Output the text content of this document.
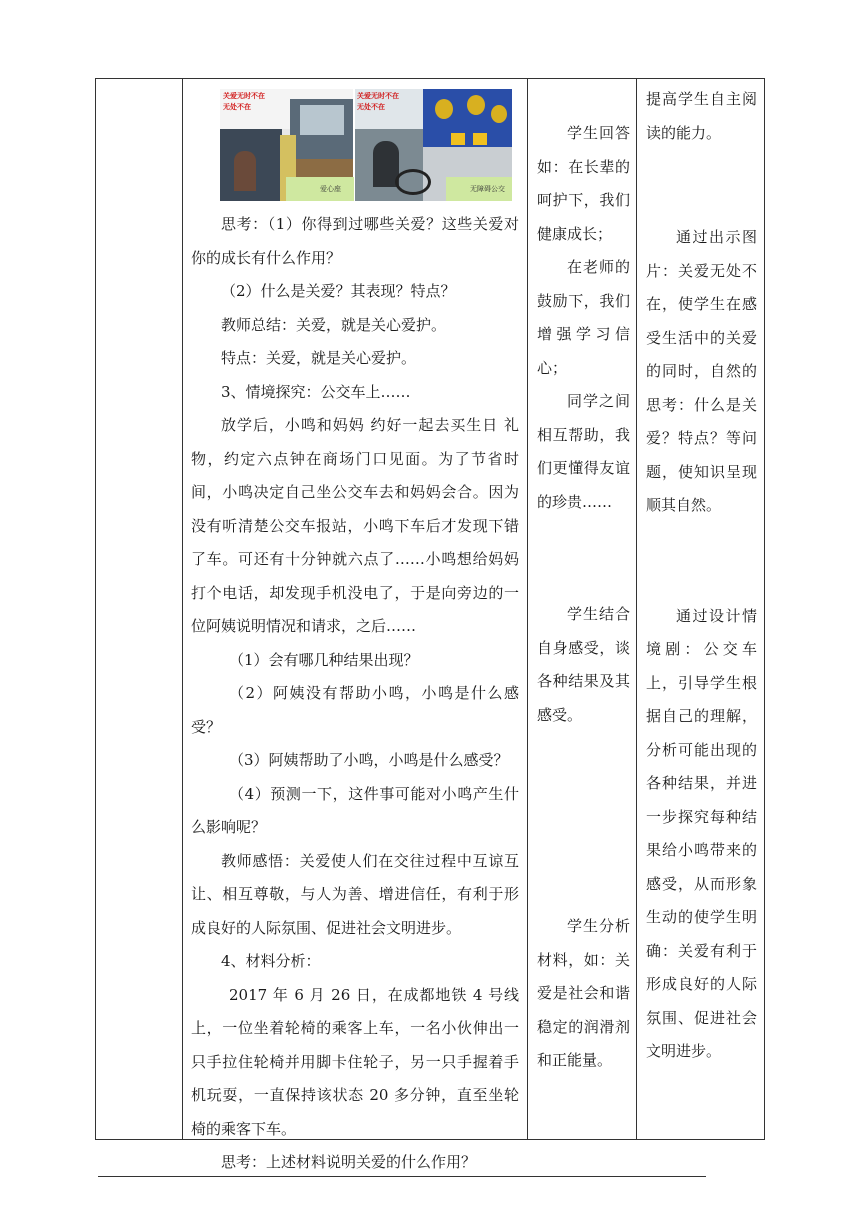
关爱无时不在
无处不在
关爱无时不在
无处不在
爱心座	无障碍公交

思考：（1）你得到过哪些关爱？这些关爱对你的成长有什么作用？

（2）什么是关爱？其表现？特点？

教师总结：关爱，就是关心爱护。

特点：关爱，就是关心爱护。

3、情境探究：公交车上……

放学后，小鸣和妈妈 约好一起去买生日 礼物，约定六点钟在商场门口见面。为了节省时间，小鸣决定自己坐公交车去和妈妈会合。因为没有听清楚公交车报站，小鸣下车后才发现下错了车。可还有十分钟就六点了……小鸣想给妈妈打个电话，却发现手机没电了，于是向旁边的一位阿姨说明情况和请求，之后……

（1）会有哪几种结果出现？

（2）阿姨没有帮助小鸣，小鸣是什么感受？

（3）阿姨帮助了小鸣，小鸣是什么感受？

（4）预测一下，这件事可能对小鸣产生什么影响呢？

教师感悟：关爱使人们在交往过程中互谅互让、相互尊敬，与人为善、增进信任，有利于形成良好的人际氛围、促进社会文明进步。

4、材料分析：

2017 年 6 月 26 日，在成都地铁 4 号线上，一位坐着轮椅的乘客上车，一名小伙伸出一只手拉住轮椅并用脚卡住轮子，另一只手握着手机玩耍，一直保持该状态 20 多分钟，直至坐轮椅的乘客下车。

思考：上述材料说明关爱的什么作用？

学生回答如：在长辈的呵护下，我们健康成长；

在老师的鼓励下，我们增强学习信心；

同学之间相互帮助，我们更懂得友谊的珍贵……

学生结合自身感受，谈各种结果及其感受。

学生分析材料，如：关爱是社会和谐稳定的润滑剂和正能量。

提高学生自主阅读的能力。

通过出示图片：关爱无处不在，使学生在感受生活中的关爱的同时，自然的思考：什么是关爱？特点？等问题，使知识呈现顺其自然。

通过设计情境剧：公交车上，引导学生根据自己的理解，分析可能出现的各种结果，并进一步探究每种结果给小鸣带来的感受，从而形象生动的使学生明确：关爱有利于形成良好的人际氛围、促进社会文明进步。
